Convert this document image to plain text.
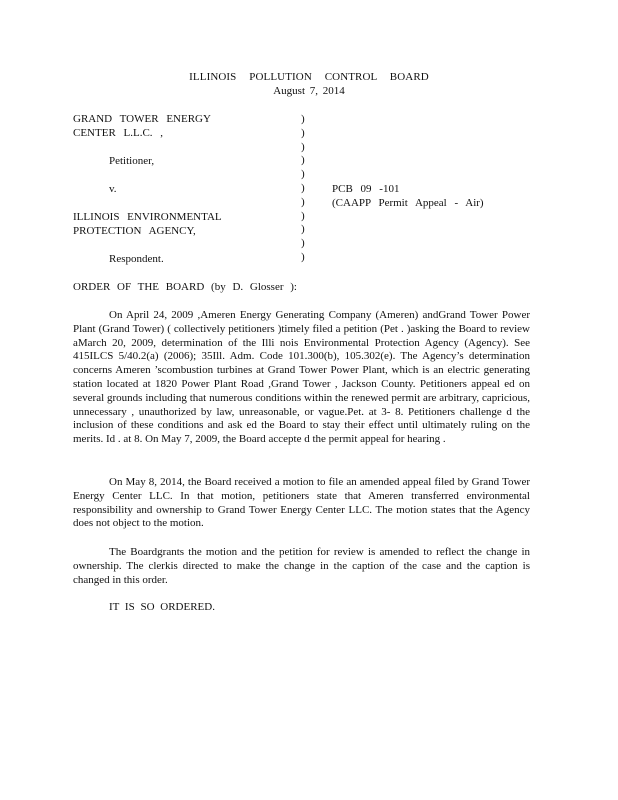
ILLINOIS POLLUTION CONTROL BOARD
August 7, 2014
GRAND TOWER ENERGY
CENTER L.L.C. ,
Petitioner,
v.
ILLINOIS ENVIRONMENTAL
PROTECTION AGENCY,
Respondent.
PCB 09 -101
(CAAPP Permit Appeal - Air)
)
)
)
)
)
)
)
)
)
)
)
ORDER OF THE BOARD (by D. Glosser ):

On April 24, 2009 ,Ameren Energy Generating Company (Ameren) andGrand Tower Power Plant (Grand Tower) ( collectively petitioners )timely filed a petition (Pet . )asking the Board to review aMarch 20, 2009, determination of the Illi nois Environmental Protection Agency (Agency). See 415ILCS 5/40.2(a) (2006); 35Ill. Adm. Code 101.300(b), 105.302(e). The Agency’s determination concerns Ameren ’scombustion turbines at Grand Tower Power Plant, which is an electric generating station located at 1820 Power Plant Road ,Grand Tower , Jackson County. Petitioners appeal ed on several grounds including that numerous conditions within the renewed permit are arbitrary, capricious, unnecessary , unauthorized by law, unreasonable, or vague.Pet. at 3- 8. Petitioners challenge d the inclusion of these conditions and ask ed the Board to stay their effect until ultimately ruling on the merits. Id . at 8. On May 7, 2009, the Board accepte d the permit appeal for hearing .

On May 8, 2014, the Board received a motion to file an amended appeal filed by Grand Tower Energy Center LLC. In that motion, petitioners state that Ameren transferred environmental responsibility and ownership to Grand Tower Energy Center LLC. The motion states that the Agency does not object to the motion.

The Boardgrants the motion and the petition for review is amended to reflect the change in ownership. The clerkis directed to make the change in the caption of the case and the caption is changed in this order.

IT IS SO ORDERED.
